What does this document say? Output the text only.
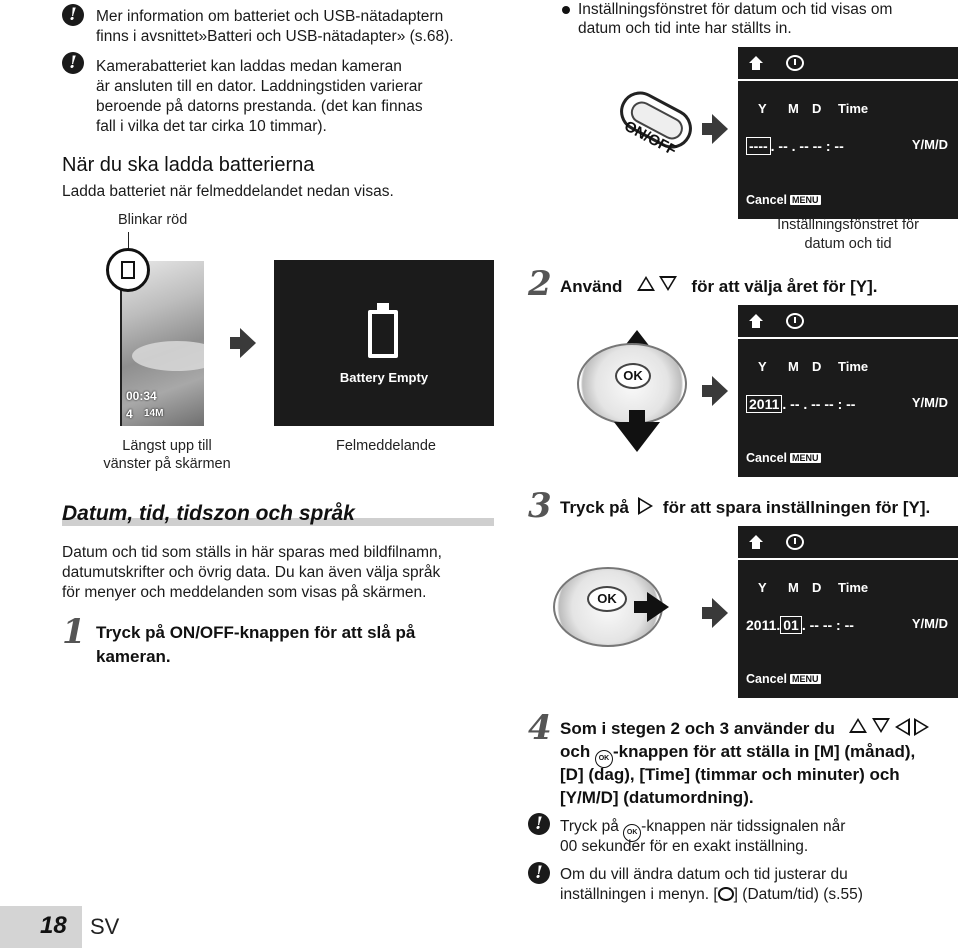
!	Mer information om batteriet och USB-nätadaptern
finns i avsnittet»Batteri och USB-nätadapter» (s.68).
!	Kamerabatteriet kan laddas medan kameran
är ansluten till en dator. Laddningstiden varierar
beroende på datorns prestanda. (det kan finnas
fall i vilka det tar cirka 10 timmar).
När du ska ladda batterierna
Ladda batteriet när felmeddelandet nedan visas.
Blinkar röd
00:34
4 14M
Battery Empty
Längst upp till
vänster på skärmen
Felmeddelande
Datum, tid, tidszon och språk
Datum och tid som ställs in här sparas med bildfilnamn,
datumutskrifter och övrig data. Du kan även välja språk
för menyer och meddelanden som visas på skärmen.
1 Tryck på ON/OFF-knappen för att slå på
kameran.
18 SV
Inställningsfönstret för datum och tid visas om
datum och tid inte har ställts in.
ON/OFF
Y M D Time
---- . -- . -- -- : --	Y/M/D
Cancel MENU
Inställningsfönstret för
datum och tid
2 Använd	för att välja året för [Y].
OK
Y M D Time
2011 . -- . -- -- : --	Y/M/D
Cancel MENU
3 Tryck på för att spara inställningen för [Y].
OK
Y M D Time
2011. 01 . -- -- : --	Y/M/D
Cancel MENU
4 Som i stegen 2 och 3 använder du
och OK -knappen för att ställa in [M] (månad),
[D] (dag), [Time] (timmar och minuter) och
[Y/M/D] (datumordning).
!	Tryck på OK -knappen när tidssignalen når
00 sekunder för en exakt inställning.
!	Om du vill ändra datum och tid justerar du
inställningen i menyn. [ ] (Datum/tid) (s.55)
